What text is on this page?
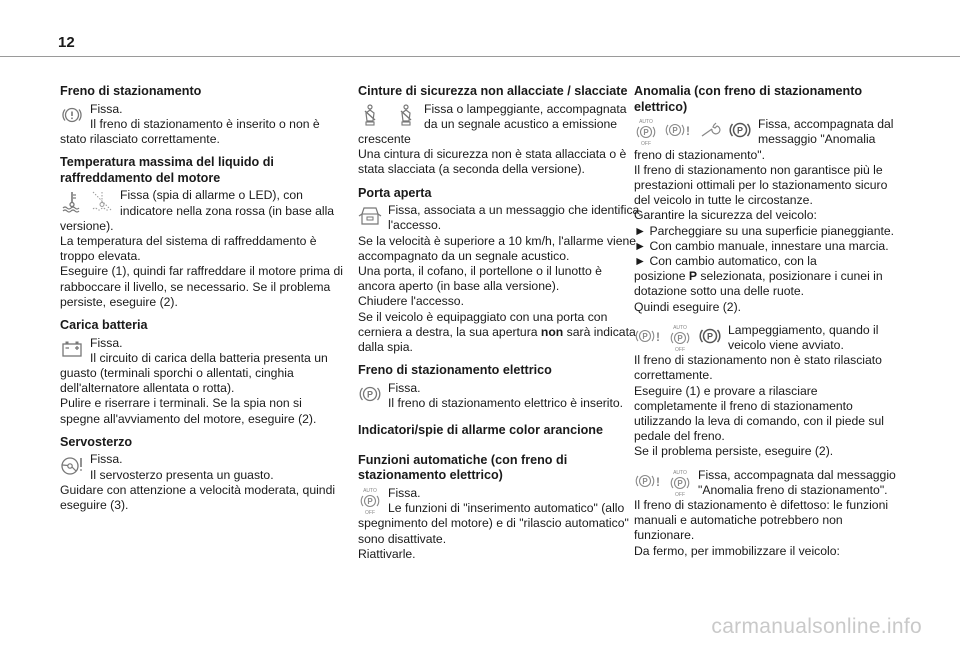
12
Freno di stazionamento

Fissa.

Il freno di stazionamento è inserito o non è stato rilasciato correttamente.

Temperatura massima del liquido di raffreddamento del motore

Fissa (spia di allarme o LED), con indicatore nella zona rossa (in base alla versione).

La temperatura del sistema di raffreddamento è troppo elevata.

Eseguire (1), quindi far raffreddare il motore prima di rabboccare il livello, se necessario. Se il problema persiste, eseguire (2).

Carica batteria

Fissa.

Il circuito di carica della batteria presenta un guasto (terminali sporchi o allentati, cinghia dell'alternatore allentata o rotta).

Pulire e riserrare i terminali. Se la spia non si spegne all'avviamento del motore, eseguire (2).

Servosterzo

Fissa.

Il servosterzo presenta un guasto.

Guidare con attenzione a velocità moderata, quindi eseguire (3).

Cinture di sicurezza non allacciate / slacciate

Fissa o lampeggiante, accompagnata da un segnale acustico a emissione crescente

Una cintura di sicurezza non è stata allacciata o è stata slacciata (a seconda della versione).

Porta aperta

Fissa, associata a un messaggio che identifica l'accesso.

Se la velocità è superiore a 10 km/h, l'allarme viene accompagnato da un segnale acustico.

Una porta, il cofano, il portellone o il lunotto è ancora aperto (in base alla versione).

Chiudere l'accesso.

Se il veicolo è equipaggiato con una porta con cerniera a destra, la sua apertura non sarà indicata dalla spia.

Freno di stazionamento elettrico
P	Fissa.

Il freno di stazionamento elettrico è inserito.

Indicatori/spie di allarme color arancione
Funzioni automatiche (con freno di stazionamento elettrico)
AUTO
P
OFF

Fissa.

Le funzioni di "inserimento automatico" (allo spegnimento del motore) e di "rilascio automatico" sono disattivate.

Riattivarle.

Anomalia (con freno di stazionamento elettrico)
AUTO
P
OFF
P !	P	Fissa, accompagnata dal messaggio "Anomalia freno di stazionamento".

Il freno di stazionamento non garantisce più le prestazioni ottimali per lo stazionamento sicuro del veicolo in tutte le circostanze.

Garantire la sicurezza del veicolo:

► Parcheggiare su una superficie pianeggiante.

► Con cambio manuale, innestare una marcia.

► Con cambio automatico, con la

posizione P selezionata, posizionare i cunei in dotazione sotto una delle ruote.

Quindi eseguire (2).

P !
AUTO
P
OFF
P	Lampeggiamento, quando il veicolo viene avviato.

Il freno di stazionamento non è stato rilasciato correttamente.

Eseguire (1) e provare a rilasciare completamente il freno di stazionamento utilizzando la leva di comando, con il piede sul pedale del freno.

Se il problema persiste, eseguire (2).

P !
AUTO
P
OFF

Fissa, accompagnata dal messaggio "Anomalia freno di stazionamento".

Il freno di stazionamento è difettoso: le funzioni manuali e automatiche potrebbero non funzionare.

Da fermo, per immobilizzare il veicolo:

carmanualsonline.info
